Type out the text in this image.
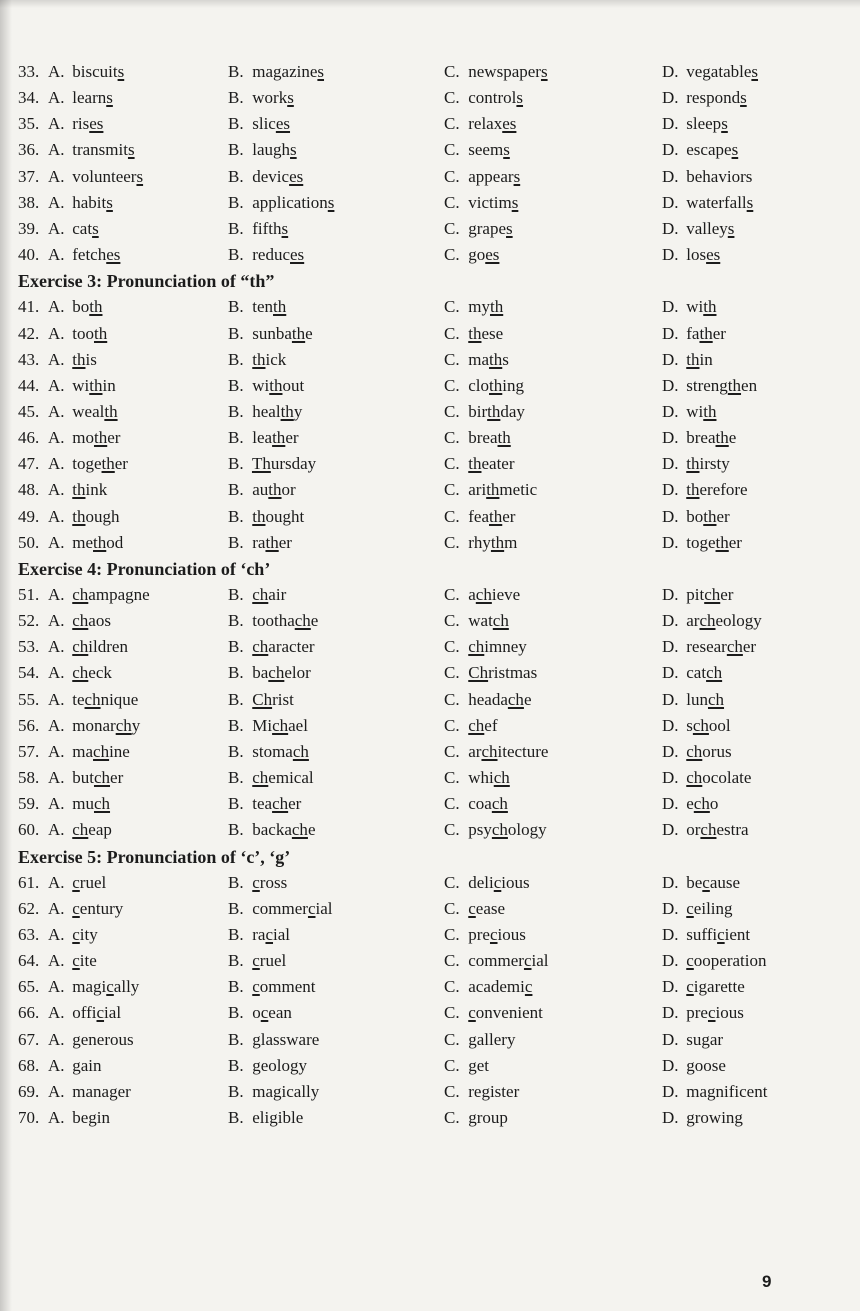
33. A. biscuits	B. magazines	C. newspapers	D. vegatables
34. A. learns	B. works	C. controls	D. responds
35. A. rises	B. slices	C. relaxes	D. sleeps
36. A. transmits	B. laughs	C. seems	D. escapes
37. A. volunteers	B. devices	C. appears	D. behaviors
38. A. habits	B. applications	C. victims	D. waterfalls
39. A. cats	B. fifths	C. grapes	D. valleys
40. A. fetches	B. reduces	C. goes	D. loses
Exercise 3: Pronunciation of “th”
41. A. both	B. tenth	C. myth	D. with
42. A. tooth	B. sunbathe	C. these	D. father
43. A. this	B. thick	C. maths	D. thin
44. A. within	B. without	C. clothing	D. strengthen
45. A. wealth	B. healthy	C. birthday	D. with
46. A. mother	B. leather	C. breath	D. breathe
47. A. together	B. Thursday	C. theater	D. thirsty
48. A. think	B. author	C. arithmetic	D. therefore
49. A. though	B. thought	C. feather	D. bother
50. A. method	B. rather	C. rhythm	D. together
Exercise 4: Pronunciation of ‘ch’
51. A. champagne	B. chair	C. achieve	D. pitcher
52. A. chaos	B. toothache	C. watch	D. archeology
53. A. children	B. character	C. chimney	D. researcher
54. A. check	B. bachelor	C. Christmas	D. catch
55. A. technique	B. Christ	C. headache	D. lunch
56. A. monarchy	B. Michael	C. chef	D. school
57. A. machine	B. stomach	C. architecture	D. chorus
58. A. butcher	B. chemical	C. which	D. chocolate
59. A. much	B. teacher	C. coach	D. echo
60. A. cheap	B. backache	C. psychology	D. orchestra
Exercise 5: Pronunciation of ‘c’, ‘g’
61. A. cruel	B. cross	C. delicious	D. because
62. A. century	B. commercial	C. cease	D. ceiling
63. A. city	B. racial	C. precious	D. sufficient
64. A. cite	B. cruel	C. commercial	D. cooperation
65. A. magically	B. comment	C. academic	D. cigarette
66. A. official	B. ocean	C. convenient	D. precious
67. A. generous	B. glassware	C. gallery	D. sugar
68. A. gain	B. geology	C. get	D. goose
69. A. manager	B. magically	C. register	D. magnificent
70. A. begin	B. eligible	C. group	D. growing
9
